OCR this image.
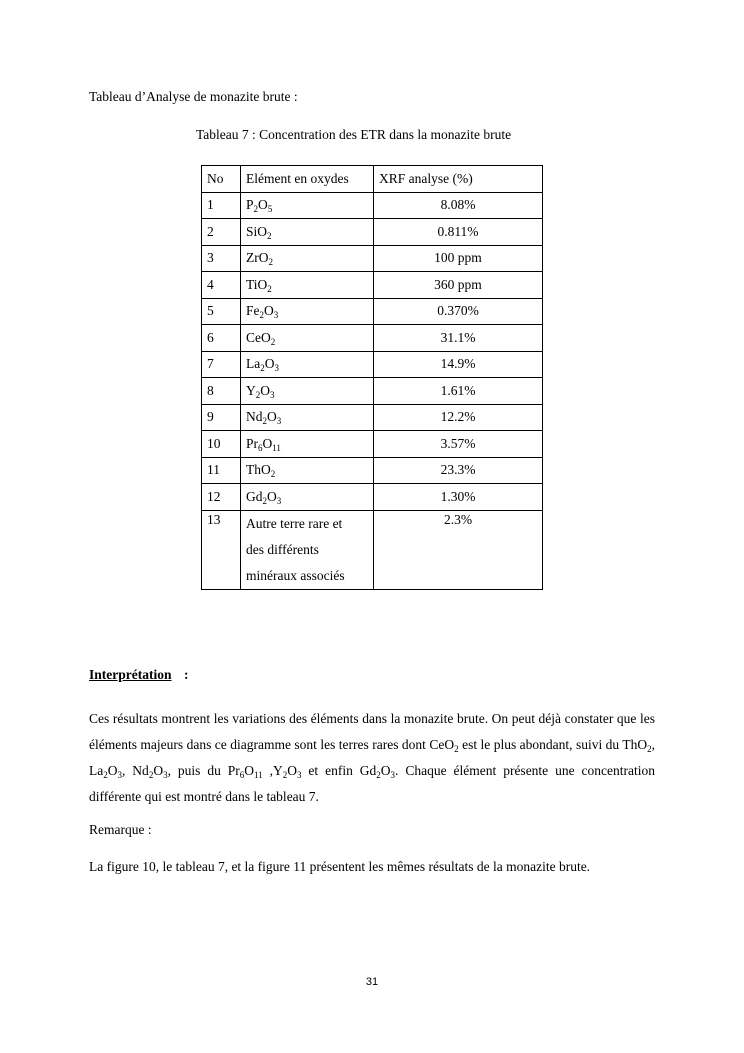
Tableau d’Analyse de monazite brute :
Tableau 7 : Concentration des ETR dans la monazite brute
No	Elément en oxydes	XRF analyse (%)
1	$P_2O_5$	8.08%
2	SiO$_2$	0.811%
3	ZrO$_2$	100 ppm
4	TiO$_2$	360 ppm
5	$Fe_2O_3$	0.370%
6	CeO$_2$	31.1%
7	$La_2O_3$	14.9%
8	$Y_2O_3$	1.61%
9	$Nd_2O_3$	12.2%
10	$Pr_6O_{11}$	3.57%
11	ThO$_2$	23.3%
12	$Gd_2O_3$	1.30%
13	Autre terre rare et
des différents
minéraux associés	2.3%
Interprétation :

Ces résultats montrent les variations des éléments dans la monazite brute. On peut déjà constater que les éléments majeurs dans ce diagramme sont les terres rares dont CeO$_2$ est le plus abondant, suivi du ThO$_2$, $La_2O_3$, $Nd_2O_3$, puis du $Pr_6O_{11}$ $,Y_2O_3$ et enfin $Gd_2O_3$. Chaque élément présente une concentration différente qui est montré dans le tableau 7.

Remarque :
La figure 10, le tableau 7, et la figure 11 présentent les mêmes résultats de la monazite brute.
31
